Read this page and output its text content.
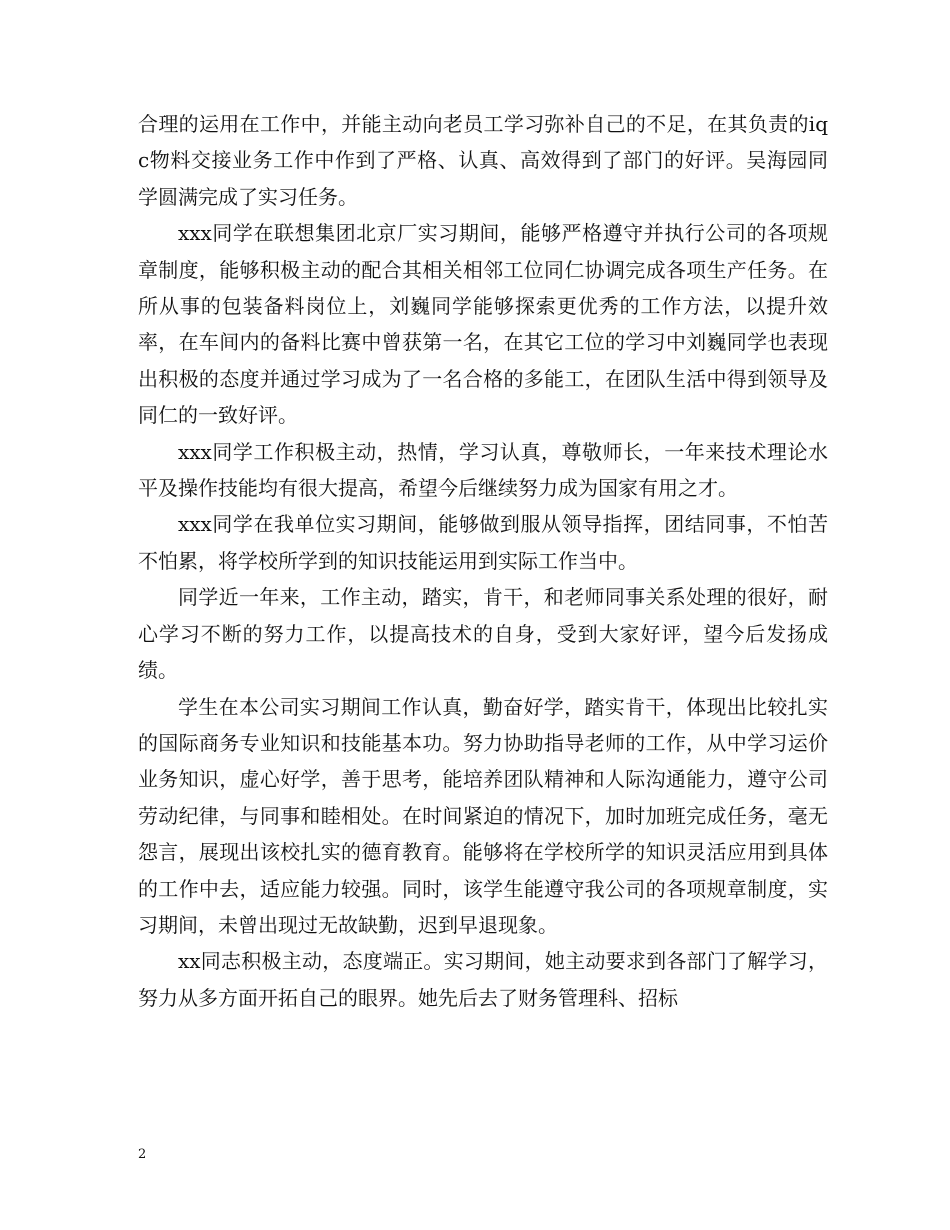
合理的运用在工作中，并能主动向老员工学习弥补自己的不足，在其负责的iqc物料交接业务工作中作到了严格、认真、高效得到了部门的好评。吴海园同学圆满完成了实习任务。

xxx同学在联想集团北京厂实习期间，能够严格遵守并执行公司的各项规章制度，能够积极主动的配合其相关相邻工位同仁协调完成各项生产任务。在所从事的包装备料岗位上，刘巍同学能够探索更优秀的工作方法，以提升效率，在车间内的备料比赛中曾获第一名，在其它工位的学习中刘巍同学也表现出积极的态度并通过学习成为了一名合格的多能工，在团队生活中得到领导及同仁的一致好评。

xxx同学工作积极主动，热情，学习认真，尊敬师长，一年来技术理论水平及操作技能均有很大提高，希望今后继续努力成为国家有用之才。

xxx同学在我单位实习期间，能够做到服从领导指挥，团结同事，不怕苦不怕累，将学校所学到的知识技能运用到实际工作当中。

同学近一年来，工作主动，踏实，肯干，和老师同事关系处理的很好，耐心学习不断的努力工作，以提高技术的自身，受到大家好评，望今后发扬成绩。

学生在本公司实习期间工作认真，勤奋好学，踏实肯干，体现出比较扎实的国际商务专业知识和技能基本功。努力协助指导老师的工作，从中学习运价业务知识，虚心好学，善于思考，能培养团队精神和人际沟通能力，遵守公司劳动纪律，与同事和睦相处。在时间紧迫的情况下，加时加班完成任务，毫无怨言，展现出该校扎实的德育教育。能够将在学校所学的知识灵活应用到具体的工作中去，适应能力较强。同时，该学生能遵守我公司的各项规章制度，实习期间，未曾出现过无故缺勤，迟到早退现象。

xx同志积极主动，态度端正。实习期间，她主动要求到各部门了解学习，努力从多方面开拓自己的眼界。她先后去了财务管理科、招标

2
